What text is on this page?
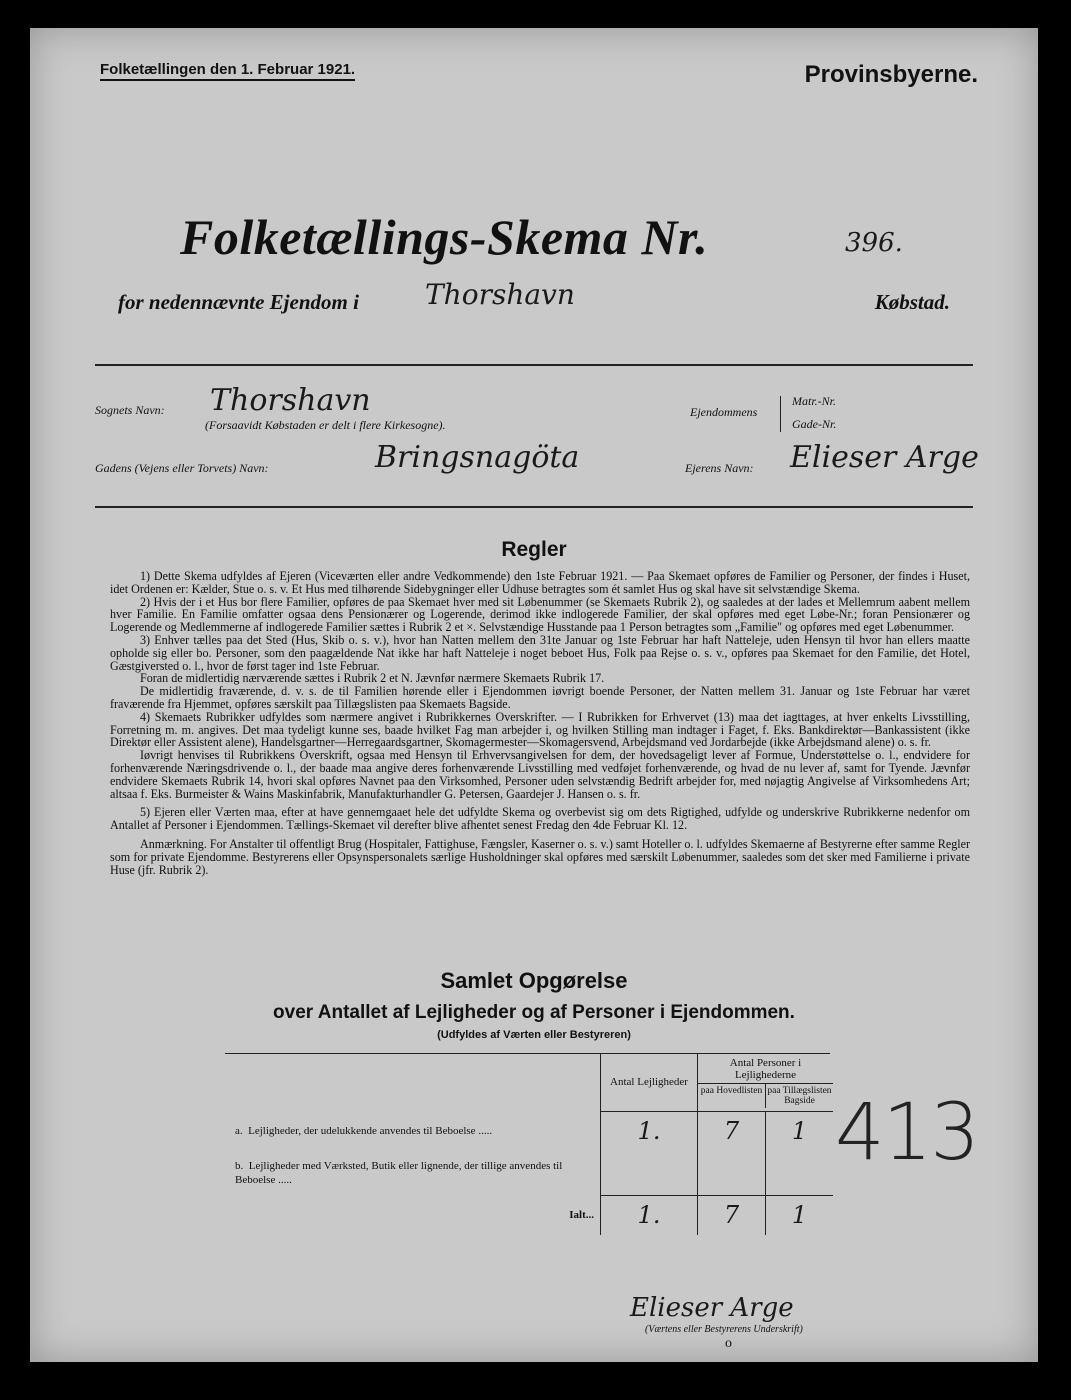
Folketællingen den 1. Februar 1921.	Provinsbyerne.
Folketællings-Skema Nr.	396.
for nedennævnte Ejendom i Thorshavn	Købstad.
Sognets Navn: Thorshavn
(Forsaavidt Købstaden er delt i flere Kirkesogne).
Ejendommens
Matr.-Nr.
Gade-Nr.
Gadens (Vejens eller Torvets) Navn:	Bringsnagöta	Ejerens Navn: Elieser Arge
Regler

1) Dette Skema udfyldes af Ejeren (Viceværten eller andre Vedkommende) den 1ste Februar 1921. — Paa Skemaet opføres de Familier og Personer, der findes i Huset, idet Ordenen er: Kælder, Stue o. s. v. Et Hus med tilhørende Sidebygninger eller Udhuse betragtes som ét samlet Hus og skal have sit selvstændige Skema.

2) Hvis der i et Hus bor flere Familier, opføres de paa Skemaet hver med sit Løbenummer (se Skemaets Rubrik 2), og saaledes at der lades et Mellemrum aabent mellem hver Familie. En Familie omfatter ogsaa dens Pensionærer og Logerende, derimod ikke indlogerede Familier, der skal opføres med eget Løbe-Nr.; foran Pensionærer og Logerende og Medlemmerne af indlogerede Familier sættes i Rubrik 2 et ×. Selvstændige Husstande paa 1 Person betragtes som „Familie" og opføres med eget Løbenummer.

3) Enhver tælles paa det Sted (Hus, Skib o. s. v.), hvor han Natten mellem den 31te Januar og 1ste Februar har haft Natteleje, uden Hensyn til hvor han ellers maatte opholde sig eller bo. Personer, som den paagældende Nat ikke har haft Natteleje i noget beboet Hus, Folk paa Rejse o. s. v., opføres paa Skemaet for den Familie, det Hotel, Gæstgiversted o. l., hvor de først tager ind 1ste Februar.

Foran de midlertidig nærværende sættes i Rubrik 2 et N. Jævnfør nærmere Skemaets Rubrik 17.

De midlertidig fraværende, d. v. s. de til Familien hørende eller i Ejendommen iøvrigt boende Personer, der Natten mellem 31. Januar og 1ste Februar har været fraværende fra Hjemmet, opføres særskilt paa Tillægslisten paa Skemaets Bagside.

4) Skemaets Rubrikker udfyldes som nærmere angivet i Rubrikkernes Overskrifter. — I Rubrikken for Erhvervet (13) maa det iagttages, at hver enkelts Livsstilling, Forretning m. m. angives. Det maa tydeligt kunne ses, baade hvilket Fag man arbejder i, og hvilken Stilling man indtager i Faget, f. Eks. Bankdirektør—Bankassistent (ikke Direktør eller Assistent alene), Handelsgartner—Herregaardsgartner, Skomagermester—Skomagersvend, Arbejdsmand ved Jordarbejde (ikke Arbejdsmand alene) o. s. fr.

Iøvrigt henvises til Rubrikkens Overskrift, ogsaa med Hensyn til Erhvervsangivelsen for dem, der hovedsageligt lever af Formue, Understøttelse o. l., endvidere for forhenværende Næringsdrivende o. l., der baade maa angive deres forhenværende Livsstilling med vedføjet forhenværende, og hvad de nu lever af, samt for Tyende. Jævnfør endvidere Skemaets Rubrik 14, hvori skal opføres Navnet paa den Virksomhed, Personer uden selvstændig Bedrift arbejder for, med nøjagtig Angivelse af Virksomhedens Art; altsaa f. Eks. Burmeister & Wains Maskinfabrik, Manufakturhandler G. Petersen, Gaardejer J. Hansen o. s. fr.

5) Ejeren eller Værten maa, efter at have gennemgaaet hele det udfyldte Skema og overbevist sig om dets Rigtighed, udfylde og underskrive Rubrikkerne nedenfor om Antallet af Personer i Ejendommen. Tællings-Skemaet vil derefter blive afhentet senest Fredag den 4de Februar Kl. 12.

Anmærkning. For Anstalter til offentligt Brug (Hospitaler, Fattighuse, Fængsler, Kaserner o. s. v.) samt Hoteller o. l. udfyldes Skemaerne af Bestyrerne efter samme Regler som for private Ejendomme. Bestyrerens eller Opsynspersonalets særlige Husholdninger skal opføres med særskilt Løbenummer, saaledes som det sker med Familierne i private Huse (jfr. Rubrik 2).

Samlet Opgørelse
over Antallet af Lejligheder og af Personer i Ejendommen.
(Udfyldes af Værten eller Bestyreren)
	Antal Lejligheder	Antal Personer i Lejlighederne
paa Hovedlisten paa Tillægslisten Bagside	

a. Lejligheder, der udelukkende anvendes til Beboelse .....	1.	7	1
b. Lejligheder med Værksted, Butik eller lignende, der tillige anvendes til Beboelse .....			
Ialt...	1.	7	1
413
Elieser Arge
(Værtens eller Bestyrerens Underskrift)
o
